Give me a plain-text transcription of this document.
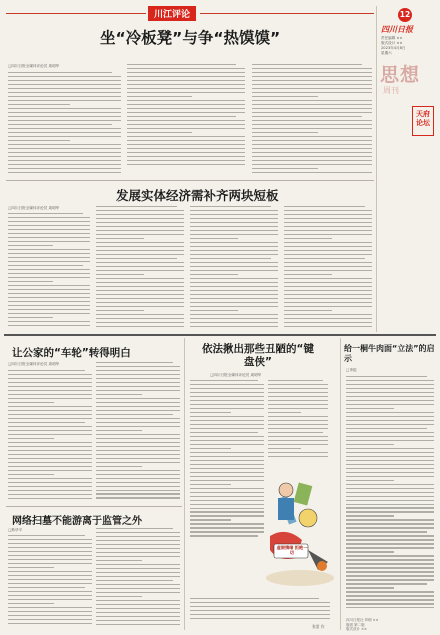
12
四川日报
责任编辑 ××
版式设计 ××
2023年4月8日
星期六
思想
周刊
天府论坛
川江评论
坐“冷板凳”与争“热馍馍”
□四川日报全媒体评论员 周明华
发展实体经济需补齐两块短板
□四川日报全媒体评论员 周明华
让公家的“车轮”转得明白
□四川日报全媒体评论员 周明华
网络扫墓不能游离于监管之外
□斯华平
依法揪出那些丑陋的“键盘侠”
□四川日报全媒体评论员 周明华
虚假情绪 拒绝一切
张雷 作
给一桐牛肉面“立法”的启示
□李振
四川日报社 印刷 ××
版面 第二版
版式设计 ××
